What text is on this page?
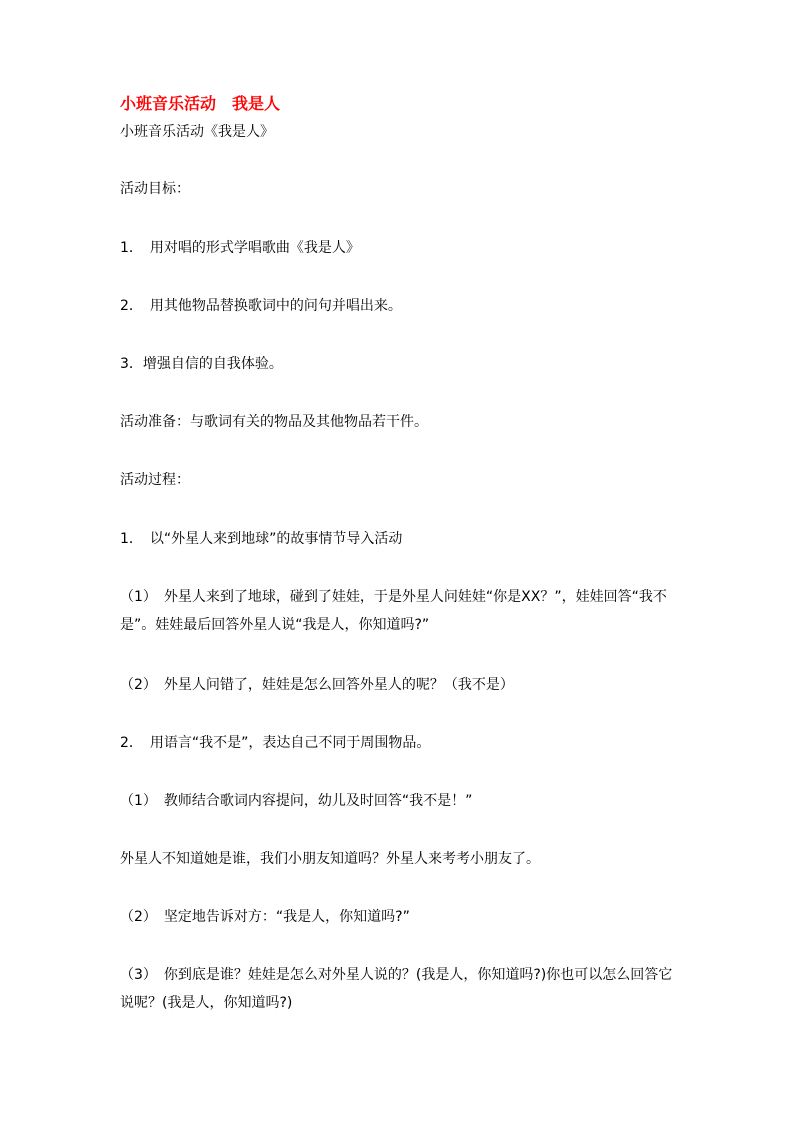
小班音乐活动　我是人
小班音乐活动《我是人》
活动目标：
1．　用对唱的形式学唱歌曲《我是人》
2．　用其他物品替换歌词中的问句并唱出来。
3．增强自信的自我体验。
活动准备：与歌词有关的物品及其他物品若干件。
活动过程：
1．　以“外星人来到地球”的故事情节导入活动
（1）　外星人来到了地球，碰到了娃娃，于是外星人问娃娃“你是XX？”，娃娃回答“我不是”。娃娃最后回答外星人说“我是人，你知道吗?”
（2）　外星人问错了，娃娃是怎么回答外星人的呢？（我不是）
2．　用语言“我不是”，表达自己不同于周围物品。
（1）　教师结合歌词内容提问，幼儿及时回答“我不是！”
外星人不知道她是谁，我们小朋友知道吗？外星人来考考小朋友了。
（2）　坚定地告诉对方：“我是人，你知道吗?”
（3）　你到底是谁？娃娃是怎么对外星人说的？(我是人，你知道吗?)你也可以怎么回答它说呢？(我是人，你知道吗?)
